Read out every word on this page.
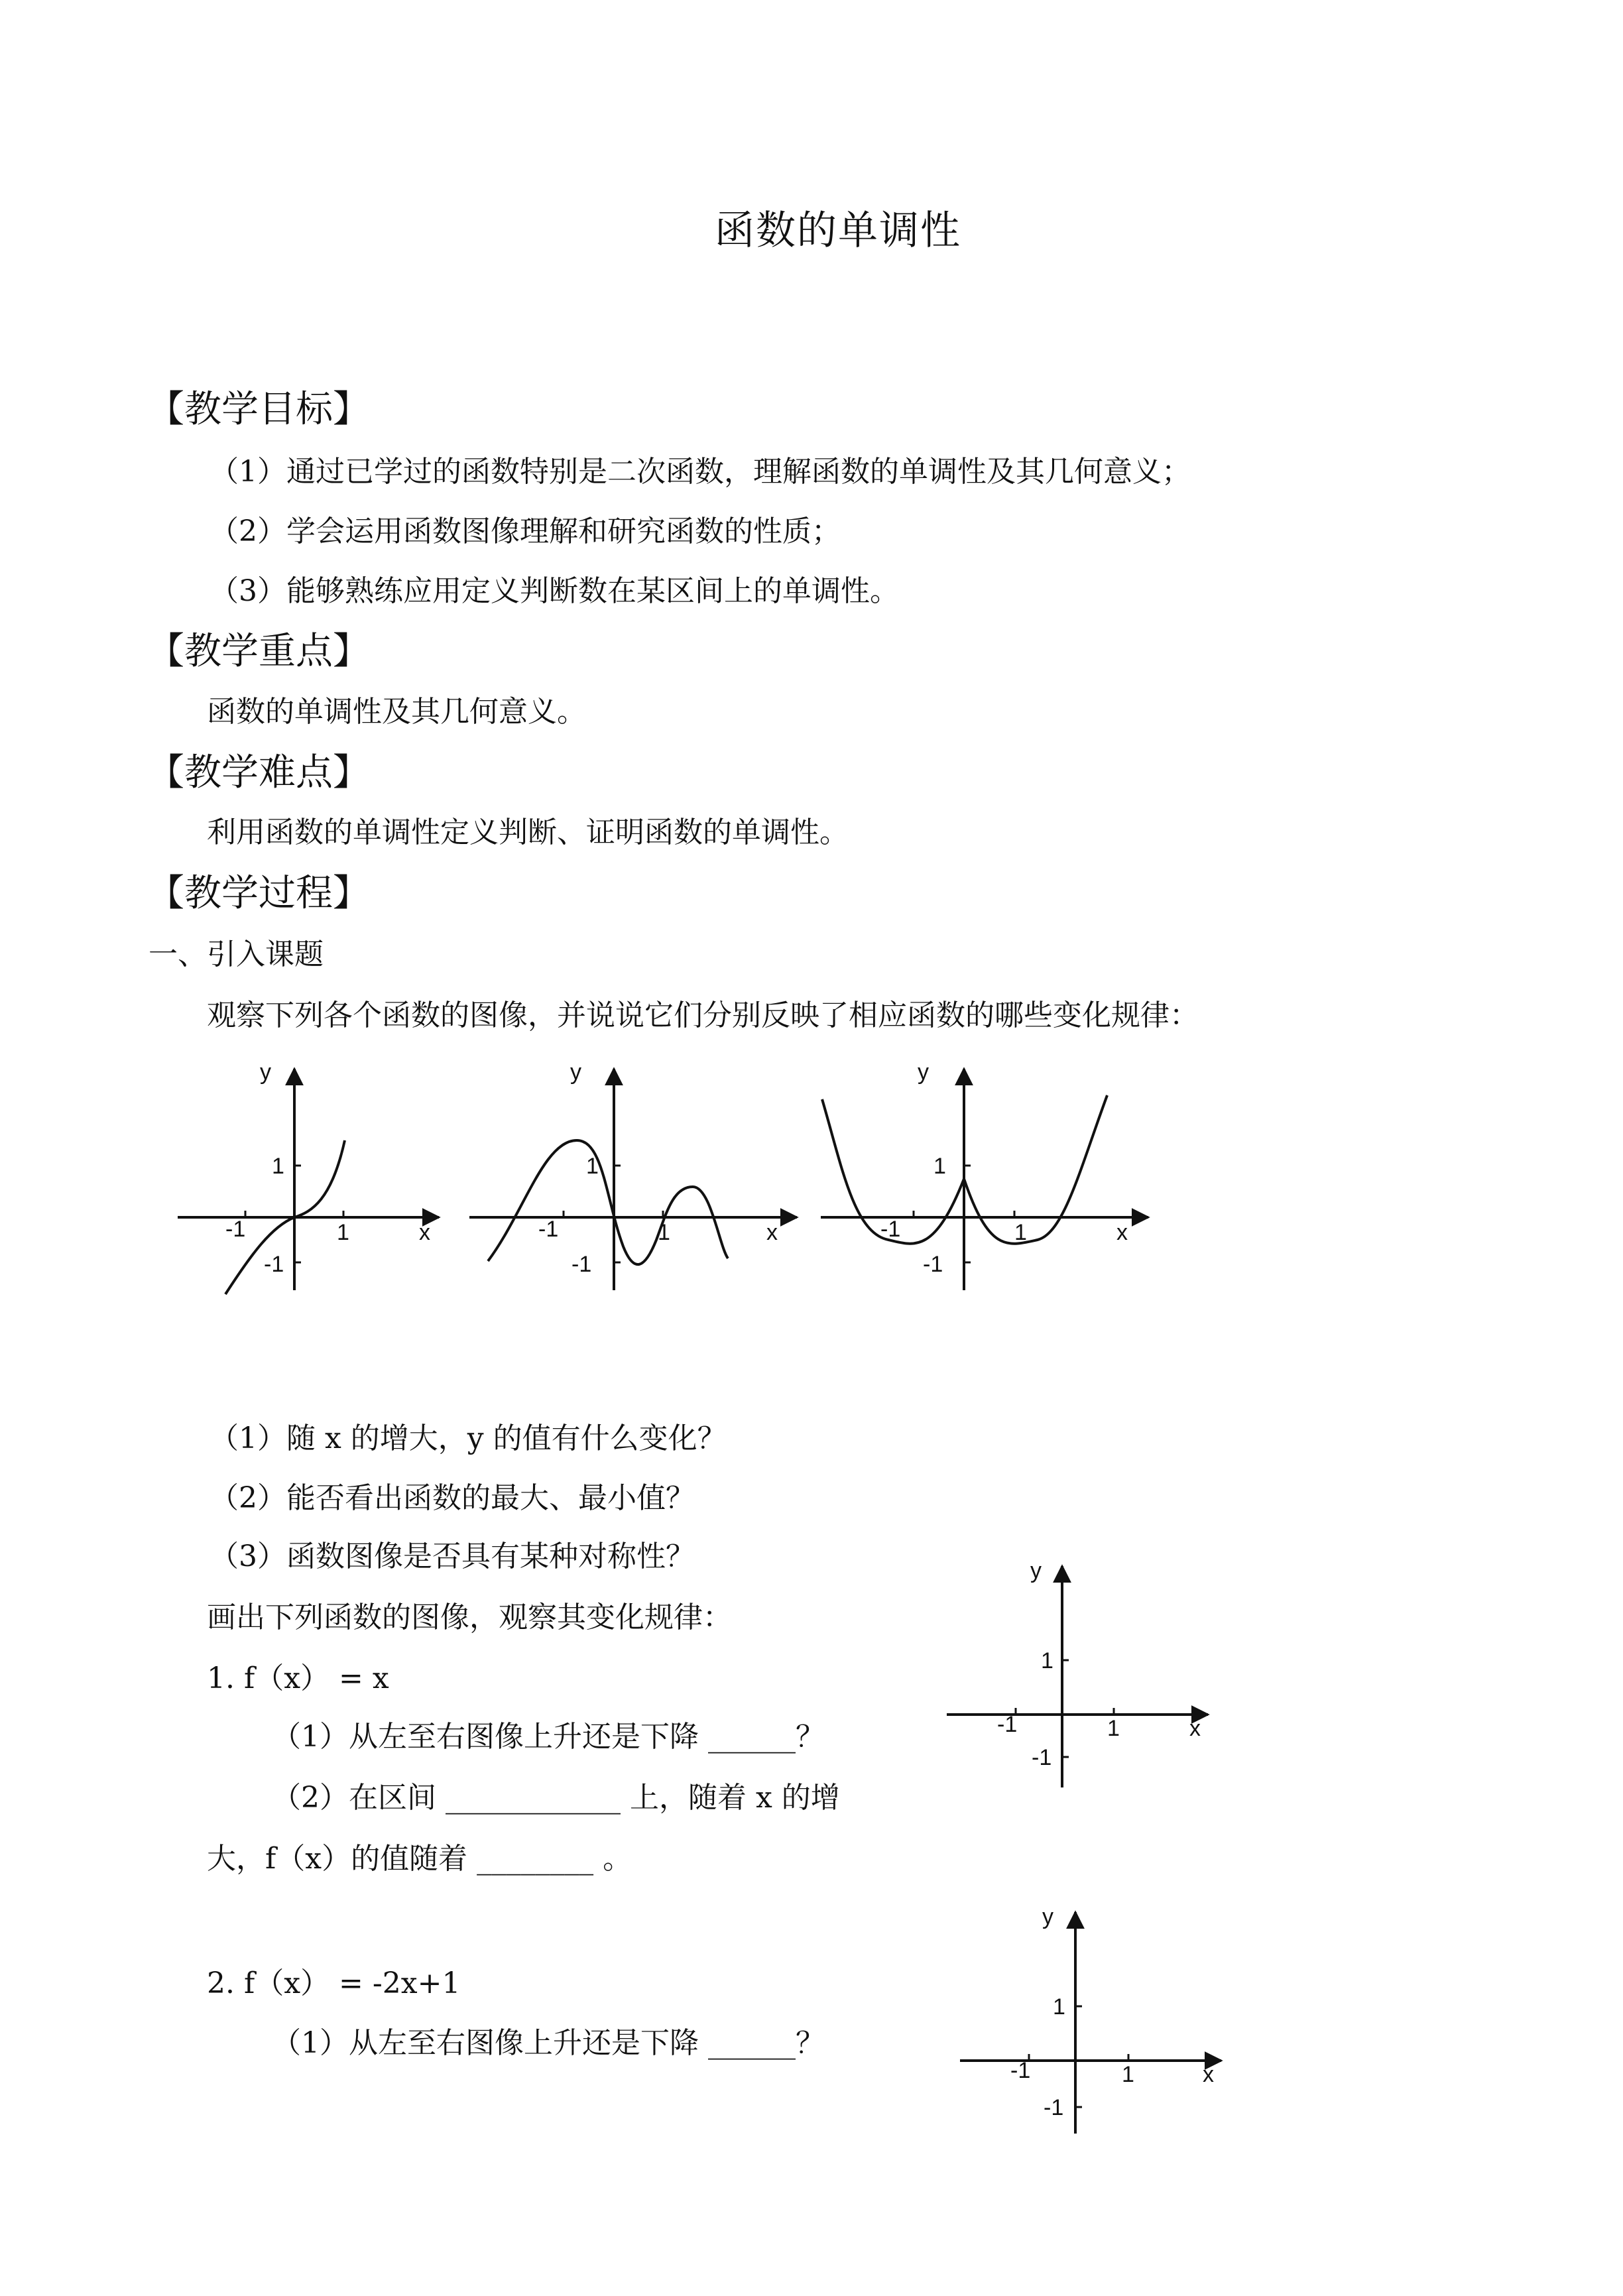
函数的单调性
【教学目标】
（1）通过已学过的函数特别是二次函数，理解函数的单调性及其几何意义；
（2）学会运用函数图像理解和研究函数的性质；
（3）能够熟练应用定义判断数在某区间上的单调性。
【教学重点】
函数的单调性及其几何意义。
【教学难点】
利用函数的单调性定义判断、证明函数的单调性。
【教学过程】
一、引入课题
观察下列各个函数的图像，并说说它们分别反映了相应函数的哪些变化规律：
y
1
-1	1	x
-1
y
1
-1	1	x
-1
y
1
-1	1	x
-1
（1）随 x 的增大，y 的值有什么变化？
（2）能否看出函数的最大、最小值？
（3）函数图像是否具有某种对称性？
画出下列函数的图像，观察其变化规律：
1. f（x） = x
（1）从左至右图像上升还是下降 ______？
（2）在区间 ____________ 上，随着 x 的增
大，f（x）的值随着 ________ 。
y
1
-1	1	x
-1
2. f（x） = -2x+1
（1）从左至右图像上升还是下降 ______？
y
1
-1	1	x
-1
